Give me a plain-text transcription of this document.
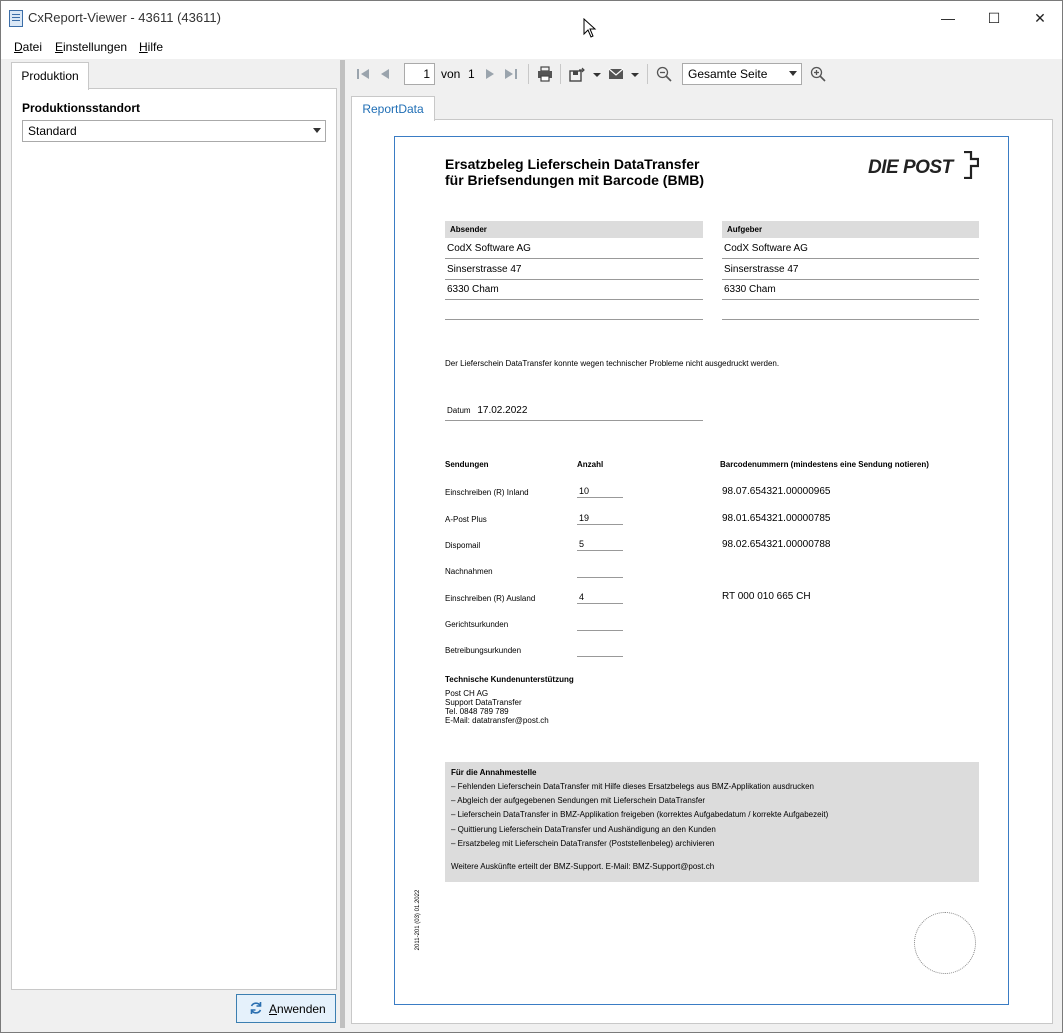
CxReport-Viewer - 43611 (43611)	—	☐	✕
Datei Einstellungen Hilfe
Produktion
Produktionsstandort
Standard
Anwenden
1 von 1	Gesamte Seite
ReportData
Ersatzbeleg Lieferschein DataTransfer
für Briefsendungen mit Barcode (BMB)
DIE POST
Absender
CodX Software AG
Sinserstrasse 47
6330 Cham
Aufgeber
CodX Software AG
Sinserstrasse 47
6330 Cham
Der Lieferschein DataTransfer konnte wegen technischer Probleme nicht ausgedruckt werden.
Datum 17.02.2022
Sendungen	Anzahl	Barcodenummern (mindestens eine Sendung notieren)
Einschreiben (R) Inland	10	98.07.654321.00000965
A-Post Plus	19	98.01.654321.00000785
Dispomail	5	98.02.654321.00000788
Nachnahmen
Einschreiben (R) Ausland	4	RT 000 010 665 CH
Gerichtsurkunden
Betreibungsurkunden
Technische Kundenunterstützung
Post CH AG
Support DataTransfer
Tel. 0848 789 789
E-Mail: datatransfer@post.ch
Für die Annahmestelle
– Fehlenden Lieferschein DataTransfer mit Hilfe dieses Ersatzbelegs aus BMZ-Applikation ausdrucken
– Abgleich der aufgegebenen Sendungen mit Lieferschein DataTransfer
– Lieferschein DataTransfer in BMZ-Applikation freigeben (korrektes Aufgabedatum / korrekte Aufgabezeit)
– Quittierung Lieferschein DataTransfer und Aushändigung an den Kunden
– Ersatzbeleg mit Lieferschein DataTransfer (Poststellenbeleg) archivieren
Weitere Auskünfte erteilt der BMZ-Support. E-Mail: BMZ-Support@post.ch
2011-201 (03) 01.2022
